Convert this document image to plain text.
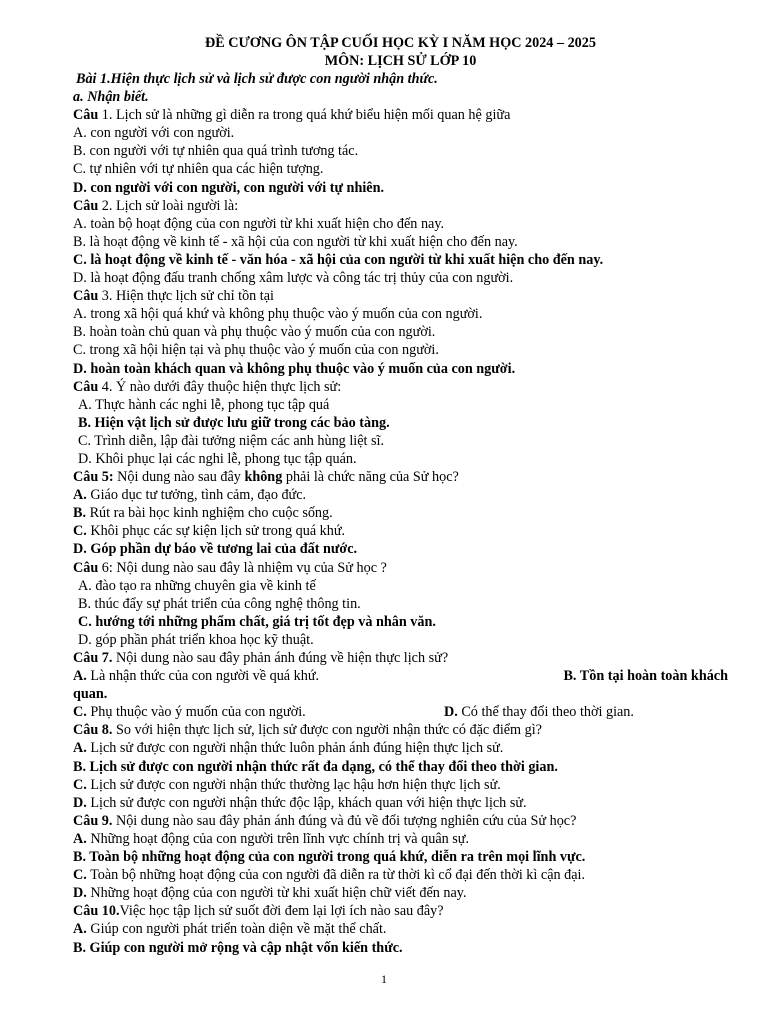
ĐỀ CƯƠNG ÔN TẬP CUỐI HỌC KỲ I NĂM HỌC 2024 – 2025
MÔN: LỊCH SỬ LỚP 10
Bài 1.Hiện thực lịch sử và lịch sử được con người nhận thức.
a. Nhận biết.
Câu 1. Lịch sử là những gì diễn ra trong quá khứ biểu hiện mối quan hệ giữa
A. con người với con người.
B. con người với tự nhiên qua quá trình tương tác.
C. tự nhiên với tự nhiên qua các hiện tượng.
D. con người với con người, con người với tự nhiên.
Câu 2. Lịch sử loài người là:
A. toàn bộ hoạt động của con người từ khi xuất hiện cho đến nay.
B. là hoạt động về kinh tế - xã hội của con người từ khi xuất hiện cho đến nay.
C. là hoạt động về kinh tế - văn hóa - xã hội của con người từ khi xuất hiện cho đến nay.
D. là hoạt động đấu tranh chống xâm lược và công tác trị thủy của con người.
Câu 3. Hiện thực lịch sử chỉ tồn tại
A. trong xã hội quá khứ và không phụ thuộc vào ý muốn của con người.
B. hoàn toàn chủ quan và phụ thuộc vào ý muốn của con người.
C. trong xã hội hiện tại và phụ thuộc vào ý muốn của con người.
D. hoàn toàn khách quan và không phụ thuộc vào ý muốn của con người.
Câu 4. Ý nào dưới đây thuộc hiện thực lịch sử:
A. Thực hành các nghi lễ, phong tục tập quá
B. Hiện vật lịch sử được lưu giữ trong các bảo tàng.
C. Trình diễn, lập đài tưởng niệm các anh hùng liệt sĩ.
D. Khôi phục lại các nghi lễ, phong tục tập quán.
Câu 5: Nội dung nào sau đây không phải là chức năng của Sử học?
A. Giáo dục tư tưởng, tình cảm, đạo đức.
B. Rút ra bài học kinh nghiệm cho cuộc sống.
C. Khôi phục các sự kiện lịch sử trong quá khứ.
D. Góp phần dự báo về tương lai của đất nước.
Câu 6: Nội dung nào sau đây là nhiệm vụ của Sử học ?
A. đào tạo ra những chuyên gia về kinh tế
B. thúc đẩy sự phát triển của công nghệ thông tin.
C. hướng tới những phẩm chất, giá trị tốt đẹp và nhân văn.
D. góp phần phát triển khoa học kỹ thuật.
Câu 7. Nội dung nào sau đây phản ánh đúng về hiện thực lịch sử?
A. Là nhận thức của con người về quá khứ.	B. Tồn tại hoàn toàn khách
quan.
C. Phụ thuộc vào ý muốn của con người.	D. Có thể thay đổi theo thời gian.
Câu 8. So với hiện thực lịch sử, lịch sử được con người nhận thức có đặc điểm gì?
A. Lịch sử được con người nhận thức luôn phản ánh đúng hiện thực lịch sử.
B. Lịch sử được con người nhận thức rất đa dạng, có thể thay đổi theo thời gian.
C. Lịch sử được con người nhận thức thường lạc hậu hơn hiện thực lịch sử.
D. Lịch sử được con người nhận thức độc lập, khách quan với hiện thực lịch sử.
Câu 9. Nội dung nào sau đây phản ánh đúng và đủ về đối tượng nghiên cứu của Sử học?
A. Những hoạt động của con người trên lĩnh vực chính trị và quân sự.
B. Toàn bộ những hoạt động của con người trong quá khứ, diễn ra trên mọi lĩnh vực.
C. Toàn bộ những hoạt động của con người đã diễn ra từ thời kì cổ đại đến thời kì cận đại.
D. Những hoạt động của con người từ khi xuất hiện chữ viết đến nay.
Câu 10.Việc học tập lịch sử suốt đời đem lại lợi ích nào sau đây?
A. Giúp con người phát triển toàn diện về mặt thể chất.
B. Giúp con người mở rộng và cập nhật vốn kiến thức.
1
